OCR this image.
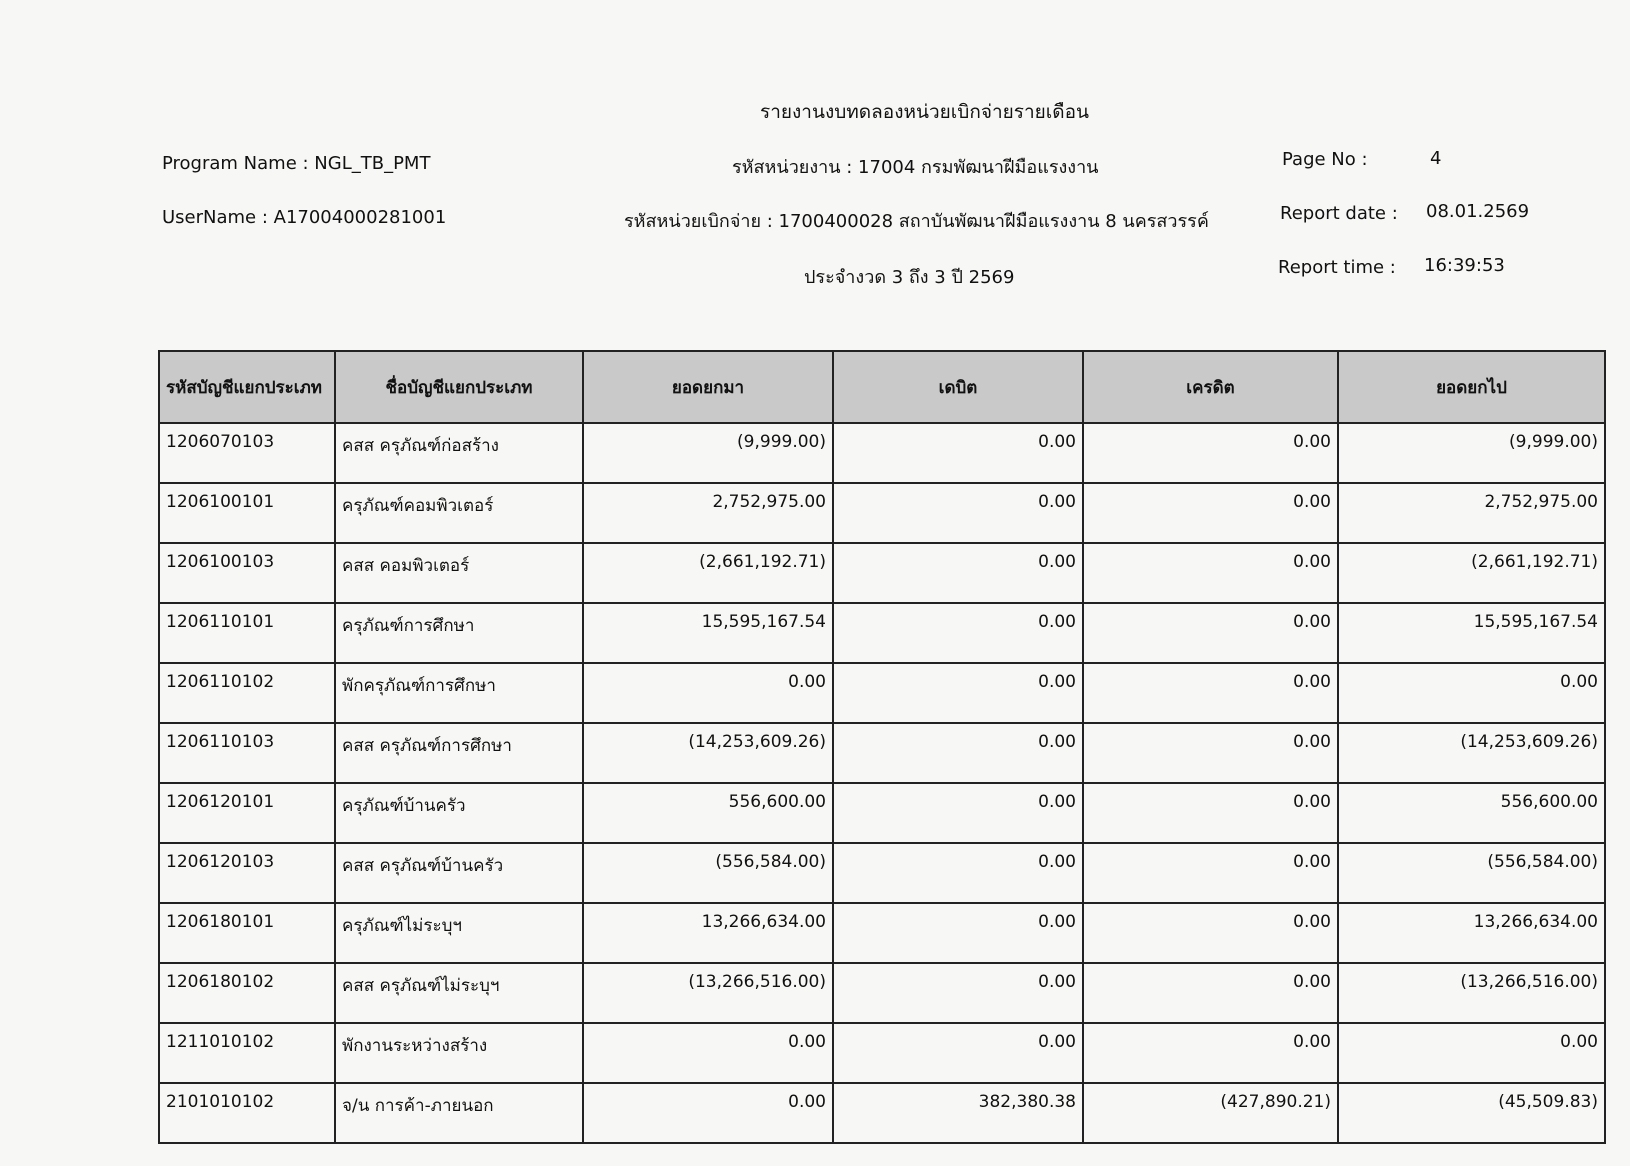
รายงานงบทดลองหน่วยเบิกจ่ายรายเดือน
Program Name : NGL_TB_PMT
UserName : A17004000281001
รหัสหน่วยงาน : 17004 กรมพัฒนาฝีมือแรงงาน
รหัสหน่วยเบิกจ่าย : 1700400028 สถาบันพัฒนาฝีมือแรงงาน 8 นครสวรรค์
ประจำงวด 3 ถึง 3 ปี 2569
Page No :	4
Report date : 08.01.2569
Report time : 16:39:53
รหัสบัญชีแยกประเภท	ชื่อบัญชีแยกประเภท	ยอดยกมา	เดบิต	เครดิต	ยอดยกไป
1206070103	คสส ครุภัณฑ์ก่อสร้าง	(9,999.00)	0.00	0.00	(9,999.00)
1206100101	ครุภัณฑ์คอมพิวเตอร์	2,752,975.00	0.00	0.00	2,752,975.00
1206100103	คสส คอมพิวเตอร์	(2,661,192.71)	0.00	0.00	(2,661,192.71)
1206110101	ครุภัณฑ์การศึกษา	15,595,167.54	0.00	0.00	15,595,167.54
1206110102	พักครุภัณฑ์การศึกษา	0.00	0.00	0.00	0.00
1206110103	คสส ครุภัณฑ์การศึกษา	(14,253,609.26)	0.00	0.00	(14,253,609.26)
1206120101	ครุภัณฑ์บ้านครัว	556,600.00	0.00	0.00	556,600.00
1206120103	คสส ครุภัณฑ์บ้านครัว	(556,584.00)	0.00	0.00	(556,584.00)
1206180101	ครุภัณฑ์ไม่ระบุฯ	13,266,634.00	0.00	0.00	13,266,634.00
1206180102	คสส ครุภัณฑ์ไม่ระบุฯ	(13,266,516.00)	0.00	0.00	(13,266,516.00)
1211010102	พักงานระหว่างสร้าง	0.00	0.00	0.00	0.00
2101010102	จ/น การค้า-ภายนอก	0.00	382,380.38	(427,890.21)	(45,509.83)
